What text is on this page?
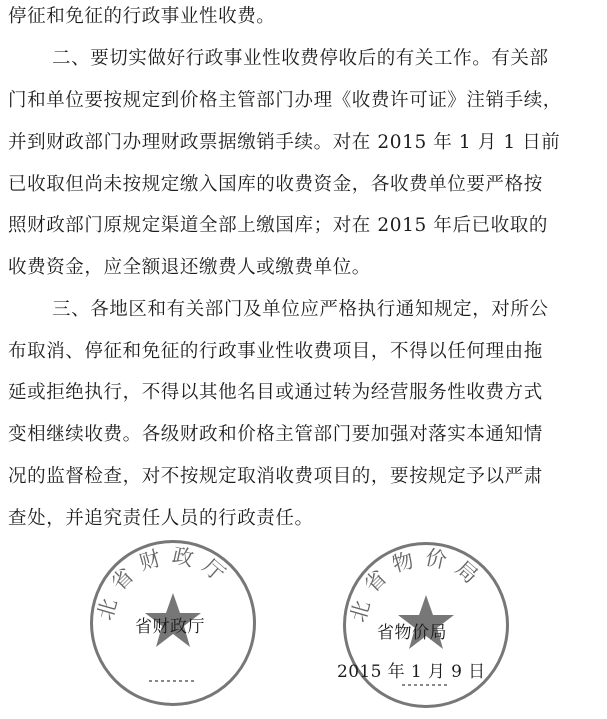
停征和免征的行政事业性收费。
二、要切实做好行政事业性收费停收后的有关工作。有关部
门和单位要按规定到价格主管部门办理《收费许可证》注销手续，
并到财政部门办理财政票据缴销手续。对在 2015 年 1 月 1 日前
已收取但尚未按规定缴入国库的收费资金，各收费单位要严格按
照财政部门原规定渠道全部上缴国库；对在 2015 年后已收取的
收费资金，应全额退还缴费人或缴费单位。
三、各地区和有关部门及单位应严格执行通知规定，对所公
布取消、停征和免征的行政事业性收费项目，不得以任何理由拖
延或拒绝执行，不得以其他名目或通过转为经营服务性收费方式
变相继续收费。各级财政和价格主管部门要加强对落实本通知情
况的监督检查，对不按规定取消收费项目的，要按规定予以严肃
查处，并追究责任人员的行政责任。
北省财政厅
省财政厅
北省物价局
省物价局
2015 年 1 月 9 日
